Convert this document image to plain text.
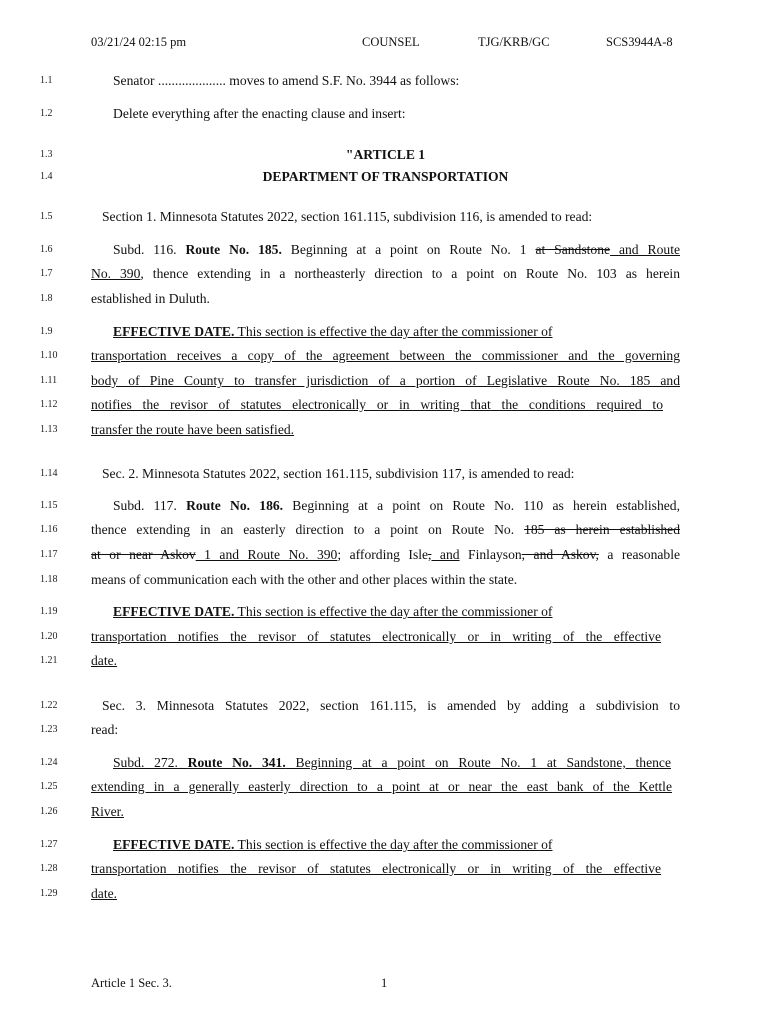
03/21/24 02:15 pm	COUNSEL	TJG/KRB/GC	SCS3944A-8
1.1	Senator .................... moves to amend S.F. No. 3944 as follows:
1.2	Delete everything after the enacting clause and insert:
1.3	"ARTICLE 1
1.4	DEPARTMENT OF TRANSPORTATION
1.5	Section 1. Minnesota Statutes 2022, section 161.115, subdivision 116, is amended to read:
1.6	Subd. 116. Route No. 185. Beginning at a point on Route No. 1 at Sandstone and Route
1.7	No. 390, thence extending in a northeasterly direction to a point on Route No. 103 as herein
1.8	established in Duluth.
1.9	EFFECTIVE DATE. This section is effective the day after the commissioner of
1.10 transportation receives a copy of the agreement between the commissioner and the governing
1.11 body of Pine County to transfer jurisdiction of a portion of Legislative Route No. 185 and
1.12 notifies the revisor of statutes electronically or in writing that the conditions required to
1.13 transfer the route have been satisfied.
1.14	Sec. 2. Minnesota Statutes 2022, section 161.115, subdivision 117, is amended to read:
1.15	Subd. 117. Route No. 186. Beginning at a point on Route No. 110 as herein established,
1.16 thence extending in an easterly direction to a point on Route No. 185 as herein established
1.17 at or near Askov 1 and Route No. 390; affording Isle, and Finlayson, and Askov, a reasonable
1.18 means of communication each with the other and other places within the state.
1.19	EFFECTIVE DATE. This section is effective the day after the commissioner of
1.20 transportation notifies the revisor of statutes electronically or in writing of the effective
1.21 date.
1.22	Sec. 3. Minnesota Statutes 2022, section 161.115, is amended by adding a subdivision to
1.23 read:
1.24	Subd. 272. Route No. 341. Beginning at a point on Route No. 1 at Sandstone, thence
1.25 extending in a generally easterly direction to a point at or near the east bank of the Kettle
1.26 River.
1.27	EFFECTIVE DATE. This section is effective the day after the commissioner of
1.28 transportation notifies the revisor of statutes electronically or in writing of the effective
1.29 date.
Article 1 Sec. 3.	1
